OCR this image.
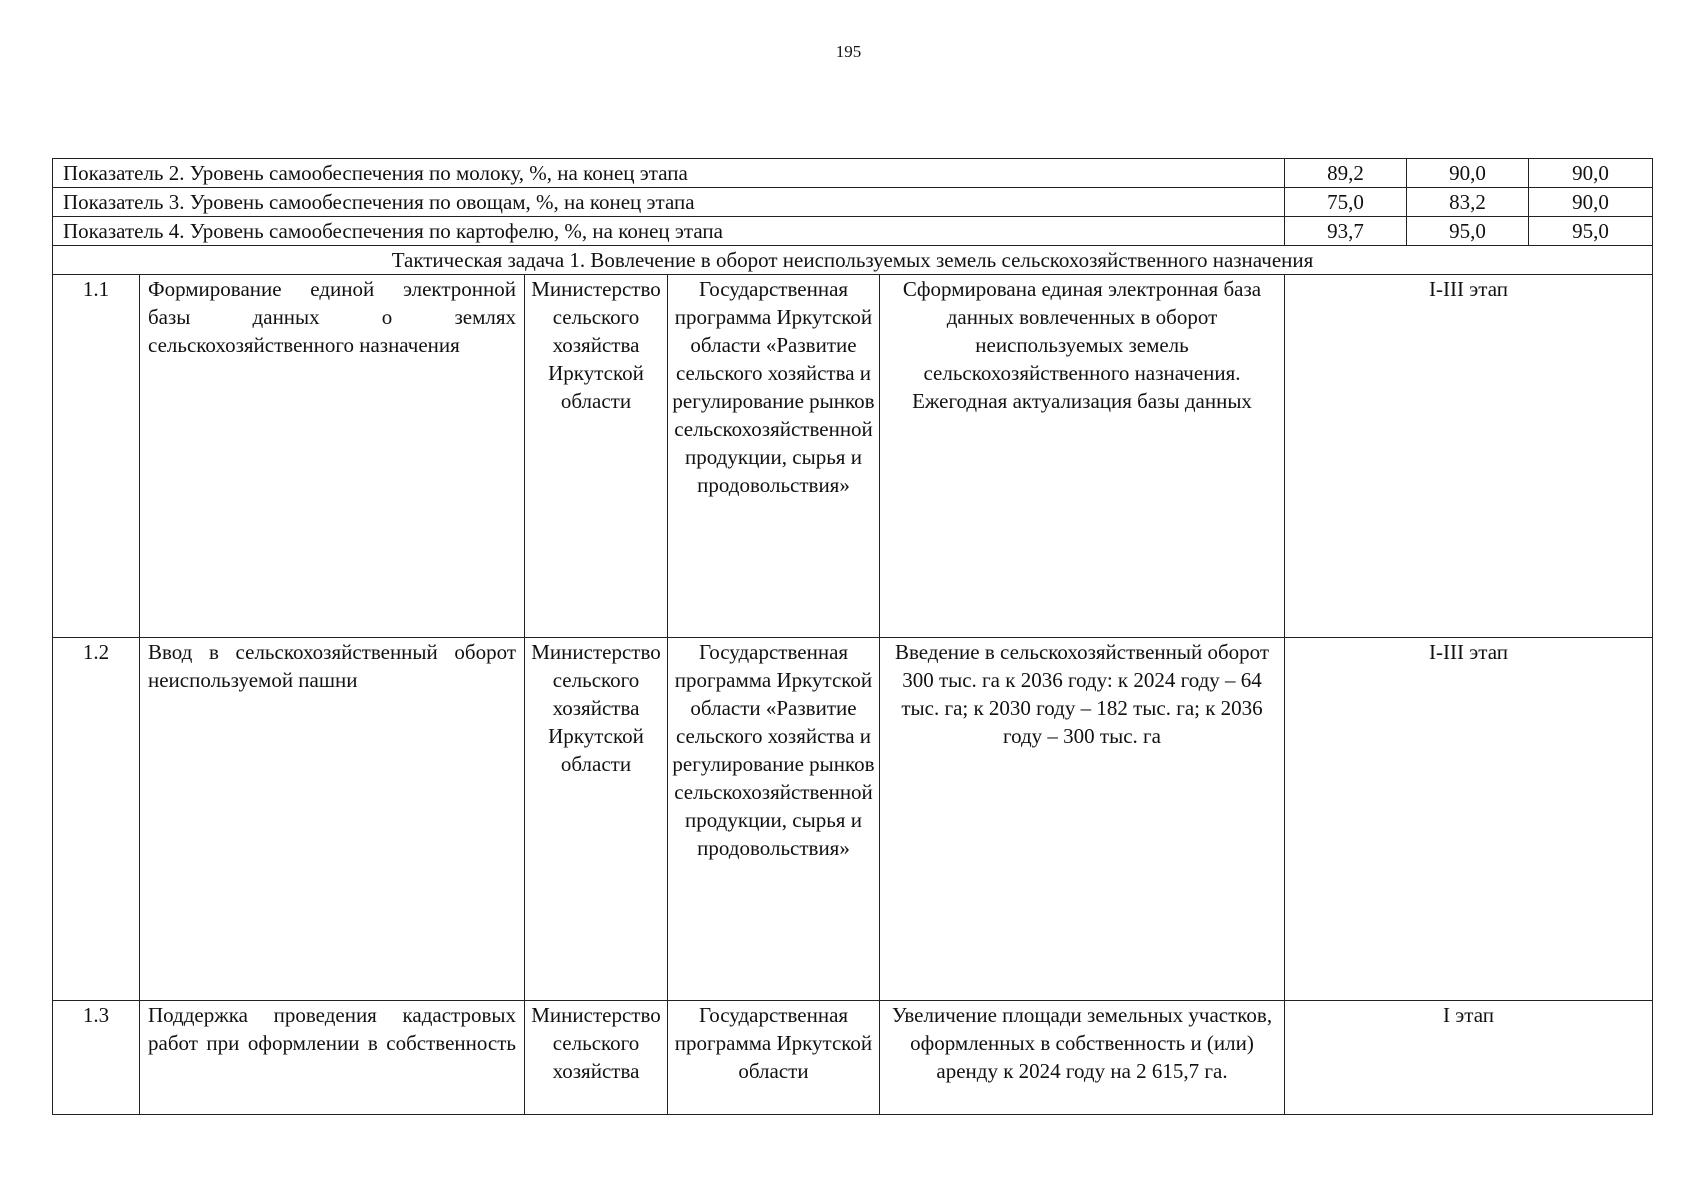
195
Показатель 2. Уровень самообеспечения по молоку, %, на конец этапа					89,2	90,0	90,0
Показатель 3. Уровень самообеспечения по овощам, %, на конец этапа					75,0	83,2	90,0
Показатель 4. Уровень самообеспечения по картофелю, %, на конец этапа					93,7	95,0	95,0
Тактическая задача 1. Вовлечение в оборот неиспользуемых земель сельскохозяйственного назначения							
1.1	Формирование единой электронной базы данных о землях сельскохозяйственного назначения	Министерство сельского хозяйства Иркутской области	Государственная программа Иркутской области «Развитие сельского хозяйства и регулирование рынков сельскохозяйственной продукции, сырья и продовольствия»	Сформирована единая электронная база данных вовлеченных в оборот неиспользуемых земель сельскохозяйственного назначения. Ежегодная актуализация базы данных	I-III этап		
1.2	Ввод в сельскохозяйственный оборот неиспользуемой пашни	Министерство сельского хозяйства Иркутской области	Государственная программа Иркутской области «Развитие сельского хозяйства и регулирование рынков сельскохозяйственной продукции, сырья и продовольствия»	Введение в сельскохозяйственный оборот 300 тыс. га к 2036 году: к 2024 году – 64 тыс. га; к 2030 году – 182 тыс. га; к 2036 году – 300 тыс. га	I-III этап		
1.3	Поддержка проведения кадастровых работ при оформлении в собственность	Министерство сельского хозяйства	Государственная программа Иркутской области	Увеличение площади земельных участков, оформленных в собственность и (или) аренду к 2024 году на 2 615,7 га.	I этап		
